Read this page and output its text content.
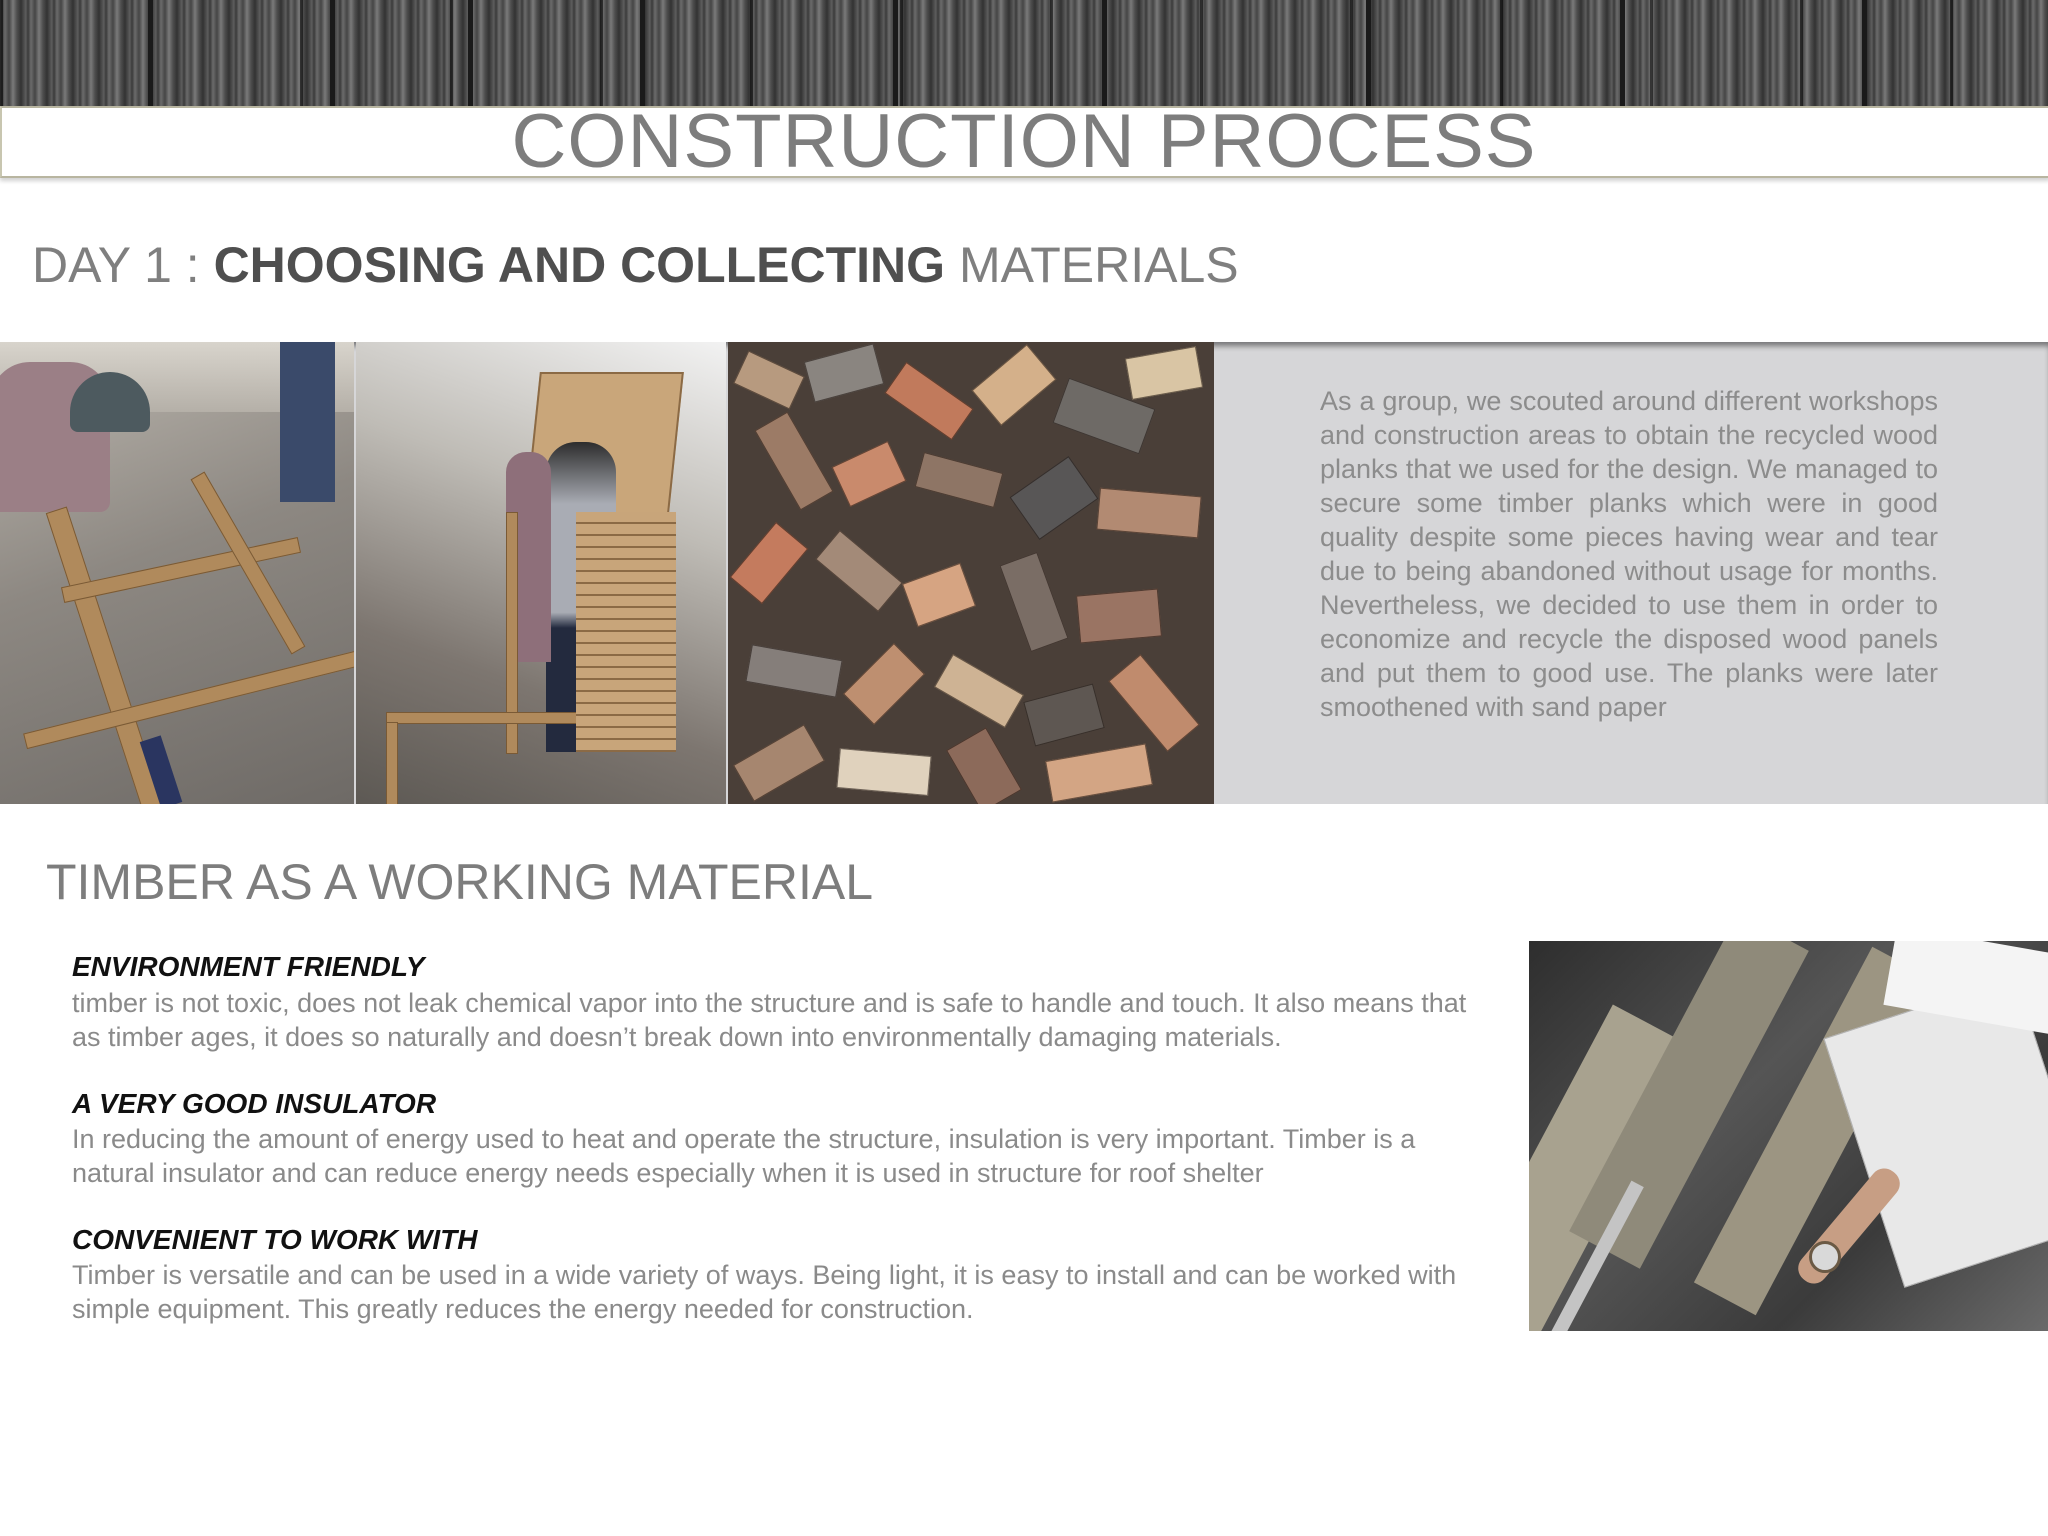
CONSTRUCTION PROCESS
DAY 1 : CHOOSING AND COLLECTING MATERIALS
As a group, we scouted around different workshops and construction areas to obtain the recycled wood planks that we used for the design. We managed to secure some timber planks which were in good quality despite some pieces having wear and tear due to being abandoned without usage for months. Nevertheless, we decided to use them in order to economize and recycle the disposed wood panels and put them to good use. The planks were later smoothened with sand paper
TIMBER AS A WORKING MATERIAL
ENVIRONMENT FRIENDLY
timber is not toxic, does not leak chemical vapor into the structure and is safe to handle and touch. It also means that as timber ages, it does so naturally and doesn’t break down into environmentally damaging materials.
A VERY GOOD INSULATOR
In reducing the amount of energy used to heat and operate the structure, insulation is very important. Timber is a natural insulator and can reduce energy needs especially when it is used in structure for roof shelter
CONVENIENT TO WORK WITH
Timber is versatile and can be used in a wide variety of ways. Being light, it is easy to install and can be worked with simple equipment. This greatly reduces the energy needed for construction.
